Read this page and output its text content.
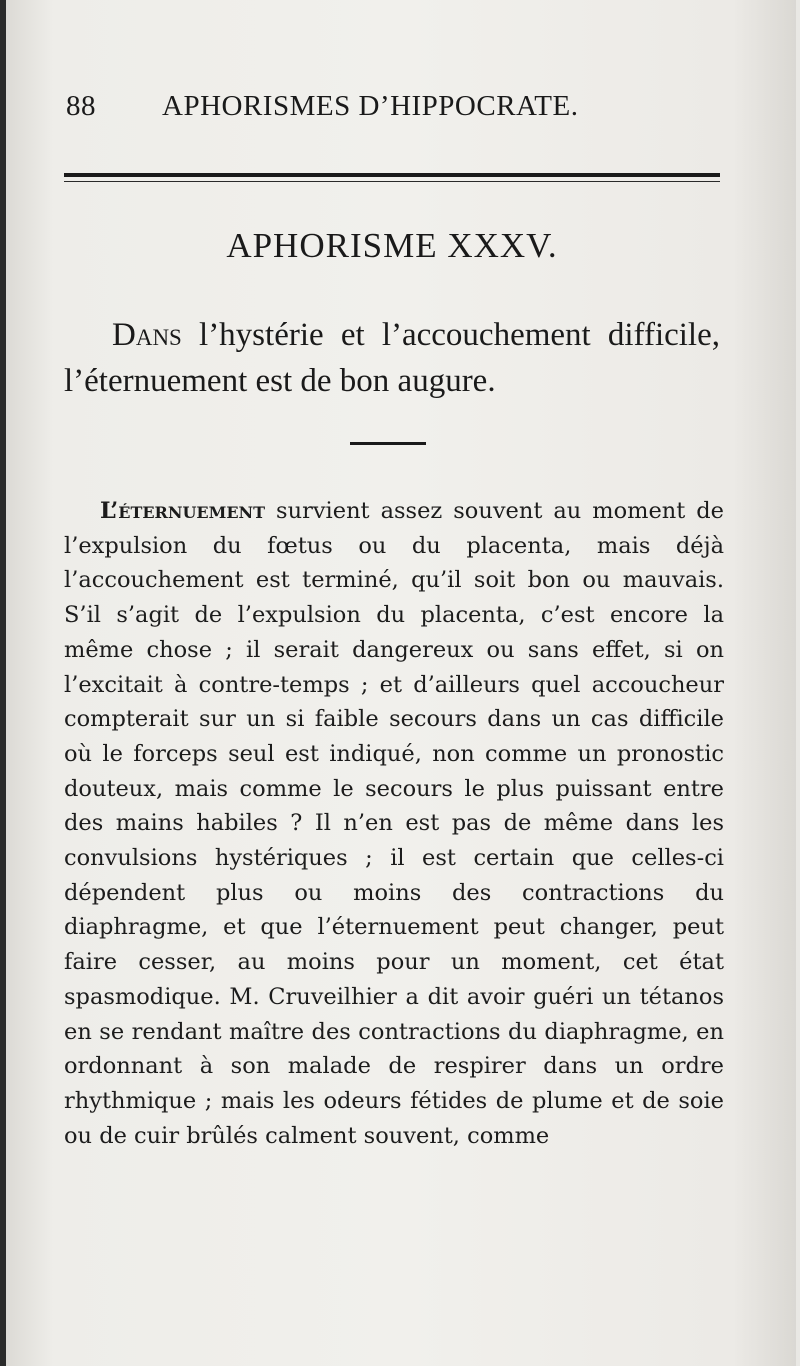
88 APHORISMES D’HIPPOCRATE.
APHORISME XXXV.

Dans l’hystérie et l’accouchement difficile, l’éternuement est de bon augure.

L’éternuement survient assez souvent au moment de l’expulsion du fœtus ou du placenta, mais déjà l’accouchement est terminé, qu’il soit bon ou mauvais. S’il s’agit de l’expulsion du placenta, c’est encore la même chose ; il serait dangereux ou sans effet, si on l’excitait à contre-temps ; et d’ailleurs quel accoucheur compterait sur un si faible secours dans un cas difficile où le forceps seul est indiqué, non comme un pronostic douteux, mais comme le secours le plus puissant entre des mains habiles ? Il n’en est pas de même dans les convulsions hystériques ; il est certain que celles-ci dépendent plus ou moins des contractions du diaphragme, et que l’éternuement peut changer, peut faire cesser, au moins pour un moment, cet état spasmodique. M. Cruveilhier a dit avoir guéri un tétanos en se rendant maître des contractions du diaphragme, en ordonnant à son malade de respirer dans un ordre rhythmique ; mais les odeurs fétides de plume et de soie ou de cuir brûlés calment souvent, comme
